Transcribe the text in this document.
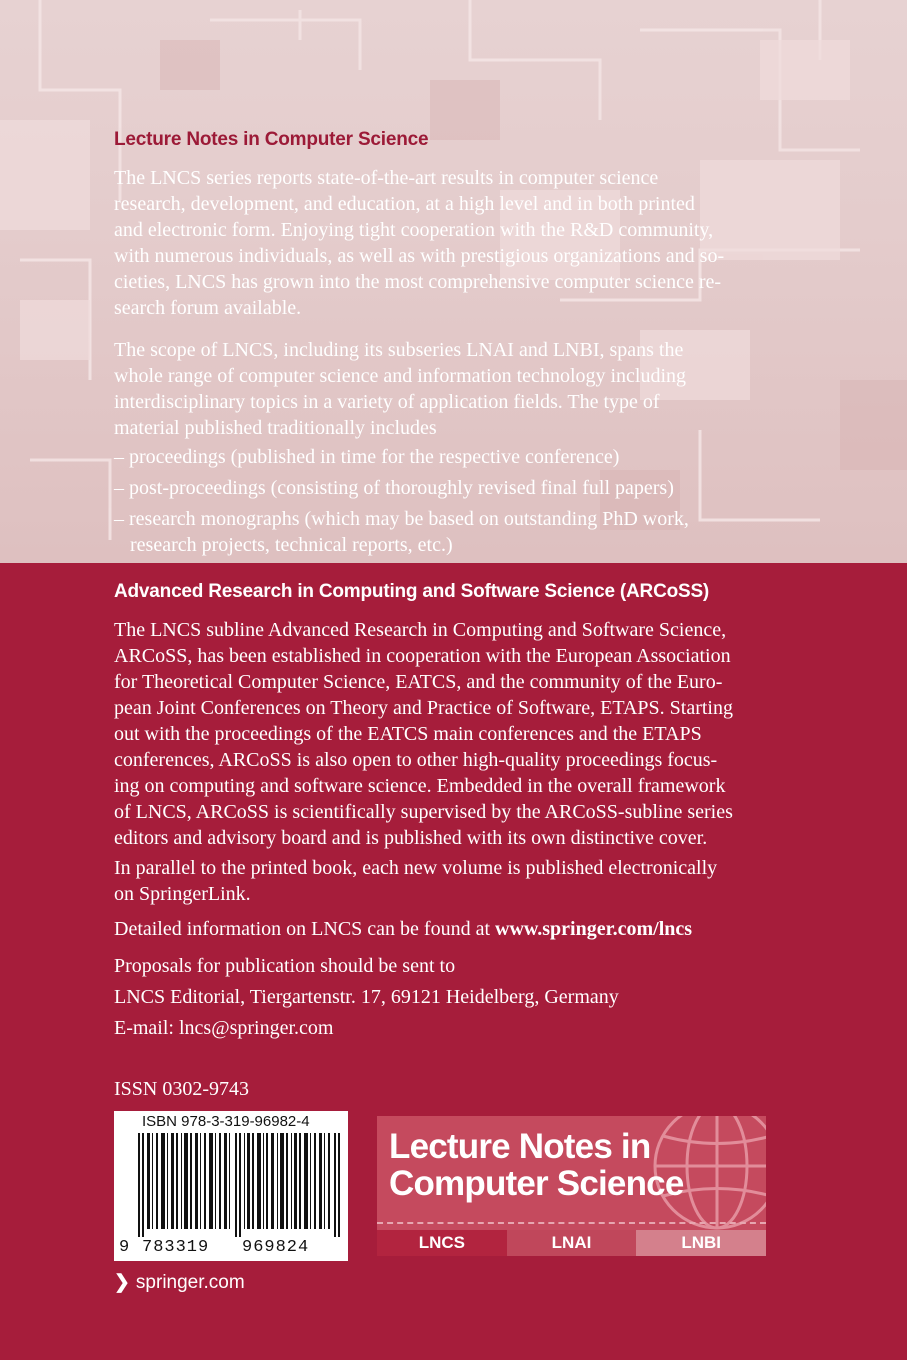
Lecture Notes in Computer Science
The LNCS series reports state-of-the-art results in computer science
research, development, and education, at a high level and in both printed
and electronic form. Enjoying tight cooperation with the R&D community,
with numerous individuals, as well as with prestigious organizations and so-
cieties, LNCS has grown into the most comprehensive computer science re-
search forum available.
The scope of LNCS, including its subseries LNAI and LNBI, spans the
whole range of computer science and information technology including
interdisciplinary topics in a variety of application fields. The type of
material published traditionally includes
– proceedings (published in time for the respective conference)
– post-proceedings (consisting of thoroughly revised final full papers)
– research monographs (which may be based on outstanding PhD work,
research projects, technical reports, etc.)
Advanced Research in Computing and Software Science (ARCoSS)
The LNCS subline Advanced Research in Computing and Software Science,
ARCoSS, has been established in cooperation with the European Association
for Theoretical Computer Science, EATCS, and the community of the Euro-
pean Joint Conferences on Theory and Practice of Software, ETAPS. Starting
out with the proceedings of the EATCS main conferences and the ETAPS
conferences, ARCoSS is also open to other high-quality proceedings focus-
ing on computing and software science. Embedded in the overall framework
of LNCS, ARCoSS is scientifically supervised by the ARCoSS-subline series
editors and advisory board and is published with its own distinctive cover.
In parallel to the printed book, each new volume is published electronically
on SpringerLink.
Detailed information on LNCS can be found at www.springer.com/lncs
Proposals for publication should be sent to
LNCS Editorial, Tiergartenstr. 17, 69121 Heidelberg, Germany
E-mail: lncs@springer.com
ISSN 0302-9743
ISBN 978-3-319-96982-4
9 783319 969824
❯ springer.com
Lecture Notes in
Computer Science
LNCS	LNAI	LNBI
